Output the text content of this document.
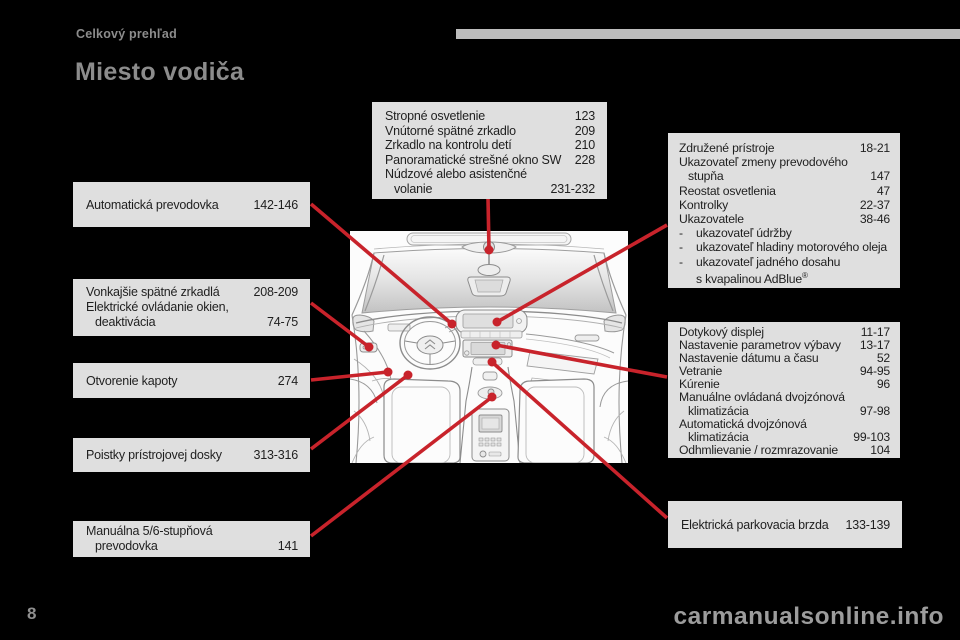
Celkový prehľad
Miesto vodiča
Stropné osvetlenie	123
Vnútorné spätné zrkadlo	209
Zrkadlo na kontrolu detí	210
Panoramatické strešné okno SW	228
Núdzové alebo asistenčné
volanie	231-232
Automatická prevodovka	142-146
Vonkajšie spätné zrkadlá	208-209
Elektrické ovládanie okien,
deaktivácia	74-75
Otvorenie kapoty	274
Poistky prístrojovej dosky	313-316
Manuálna 5/6-stupňová
prevodovka	141
Združené prístroje	18-21
Ukazovateľ zmeny prevodového
stupňa	147
Reostat osvetlenia	47
Kontrolky	22-37
Ukazovatele	38-46
-	ukazovateľ údržby
-	ukazovateľ hladiny motorového oleja
-	ukazovateľ jadného dosahu
s kvapalinou AdBlue®
Dotykový displej	11-17
Nastavenie parametrov výbavy	13-17
Nastavenie dátumu a času	52
Vetranie	94-95
Kúrenie	96
Manuálne ovládaná dvojzónová
klimatizácia	97-98
Automatická dvojzónová
klimatizácia	99-103
Odhmlievanie / rozmrazovanie	104
Elektrická parkovacia brzda	133-139
8	carmanualsonline.info
